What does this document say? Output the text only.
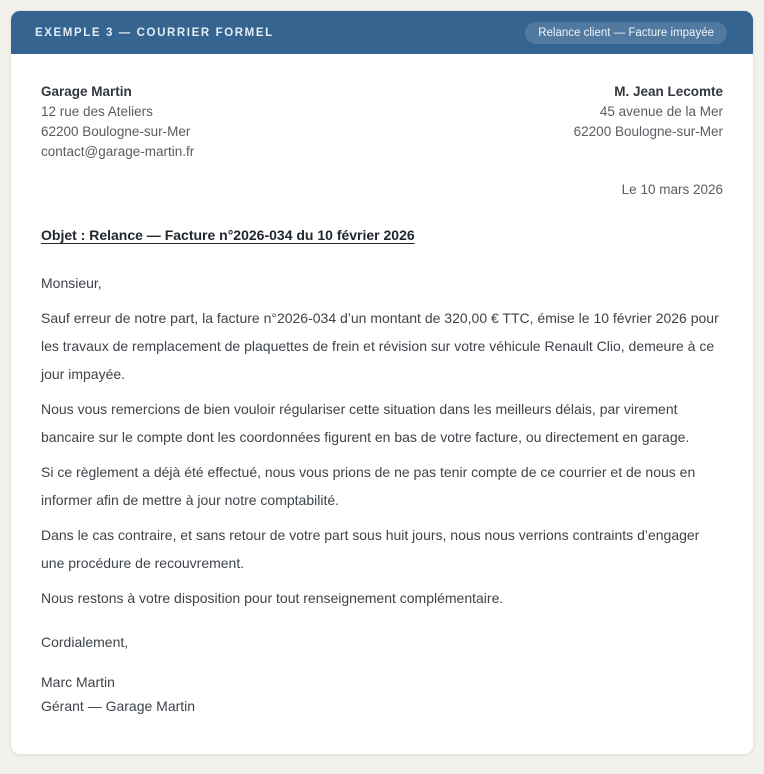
EXEMPLE 3 — COURRIER FORMEL	Relance client — Facture impayée
Garage Martin
12 rue des Ateliers
62200 Boulogne-sur-Mer
contact@garage-martin.fr
M. Jean Lecomte
45 avenue de la Mer
62200 Boulogne-sur-Mer
Le 10 mars 2026
Objet : Relance — Facture n°2026-034 du 10 février 2026

Monsieur,

Sauf erreur de notre part, la facture n°2026-034 d’un montant de 320,00 € TTC, émise le 10 février 2026 pour les travaux de remplacement de plaquettes de frein et révision sur votre véhicule Renault Clio, demeure à ce jour impayée.

Nous vous remercions de bien vouloir régulariser cette situation dans les meilleurs délais, par virement bancaire sur le compte dont les coordonnées figurent en bas de votre facture, ou directement en garage.

Si ce règlement a déjà été effectué, nous vous prions de ne pas tenir compte de ce courrier et de nous en informer afin de mettre à jour notre comptabilité.

Dans le cas contraire, et sans retour de votre part sous huit jours, nous nous verrions contraints d’engager une procédure de recouvrement.

Nous restons à votre disposition pour tout renseignement complémentaire.

Cordialement,
Marc Martin
Gérant — Garage Martin
